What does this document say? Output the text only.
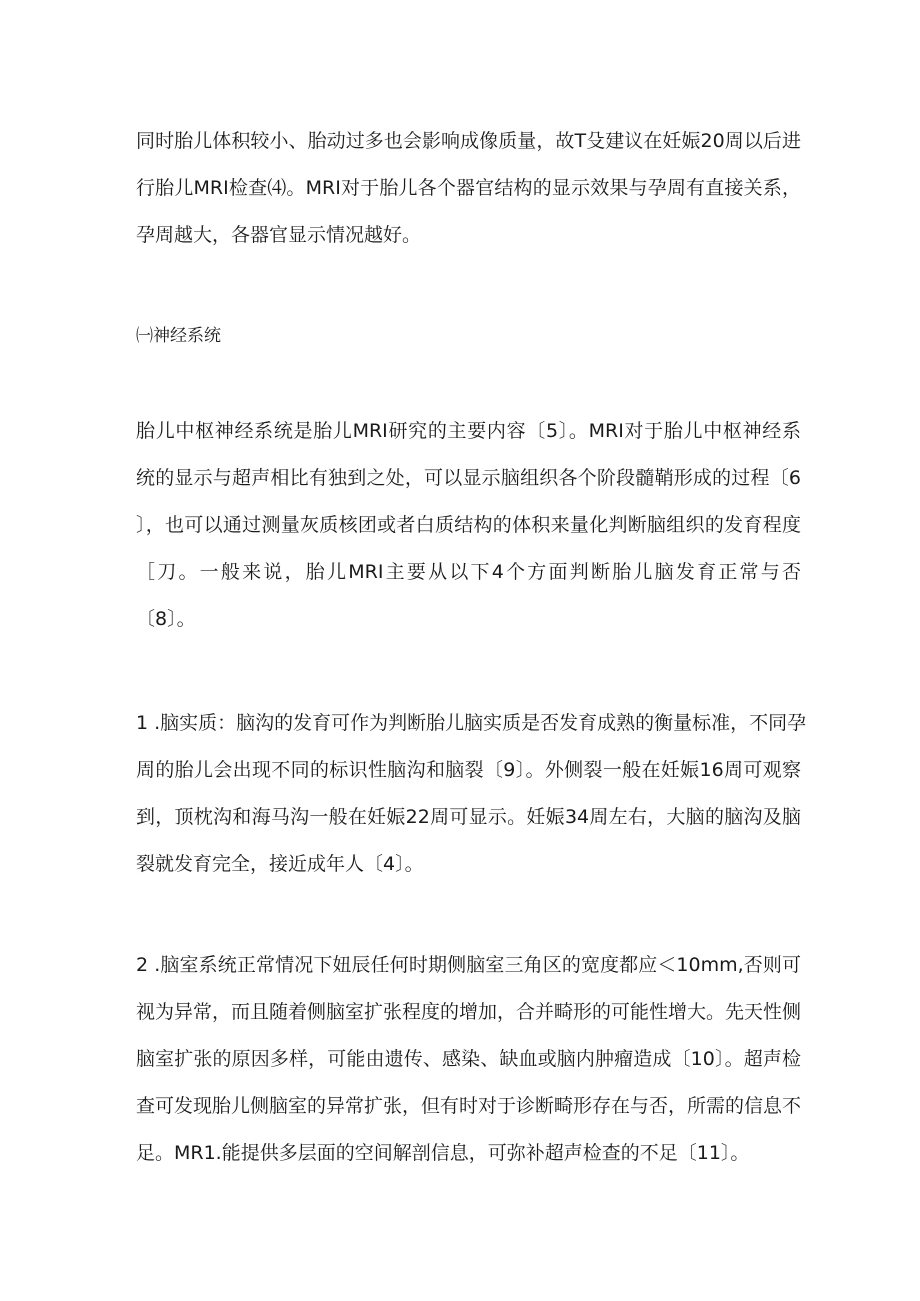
同时胎儿体积较小、胎动过多也会影响成像质量，故T殳建议在妊娠20周以后进
行胎儿MRI检查⑷。MRI对于胎儿各个器官结构的显示效果与孕周有直接关系，
孕周越大，各器官显示情况越好。
㈠神经系统
胎儿中枢神经系统是胎儿MRI研究的主要内容〔5〕。MRI对于胎儿中枢神经系
统的显示与超声相比有独到之处，可以显示脑组织各个阶段髓鞘形成的过程〔6
〕，也可以通过测量灰质核团或者白质结构的体积来量化判断脑组织的发育程度
［刀。一般来说，胎儿MRI主要从以下4个方面判断胎儿脑发育正常与否
〔8〕。
1 .脑实质：脑沟的发育可作为判断胎儿脑实质是否发育成熟的衡量标准，不同孕
周的胎儿会出现不同的标识性脑沟和脑裂〔9〕。外侧裂一般在妊娠16周可观察
到，顶枕沟和海马沟一般在妊娠22周可显示。妊娠34周左右，大脑的脑沟及脑
裂就发育完全，接近成年人〔4〕。
2 .脑室系统正常情况下妞辰任何时期侧脑室三角区的宽度都应＜10mm,否则可
视为异常，而且随着侧脑室扩张程度的增加，合并畸形的可能性增大。先天性侧
脑室扩张的原因多样，可能由遗传、感染、缺血或脑内肿瘤造成〔10〕。超声检
查可发现胎儿侧脑室的异常扩张，但有时对于诊断畸形存在与否，所需的信息不
足。MR1.能提供多层面的空间解剖信息，可弥补超声检查的不足〔11〕。
